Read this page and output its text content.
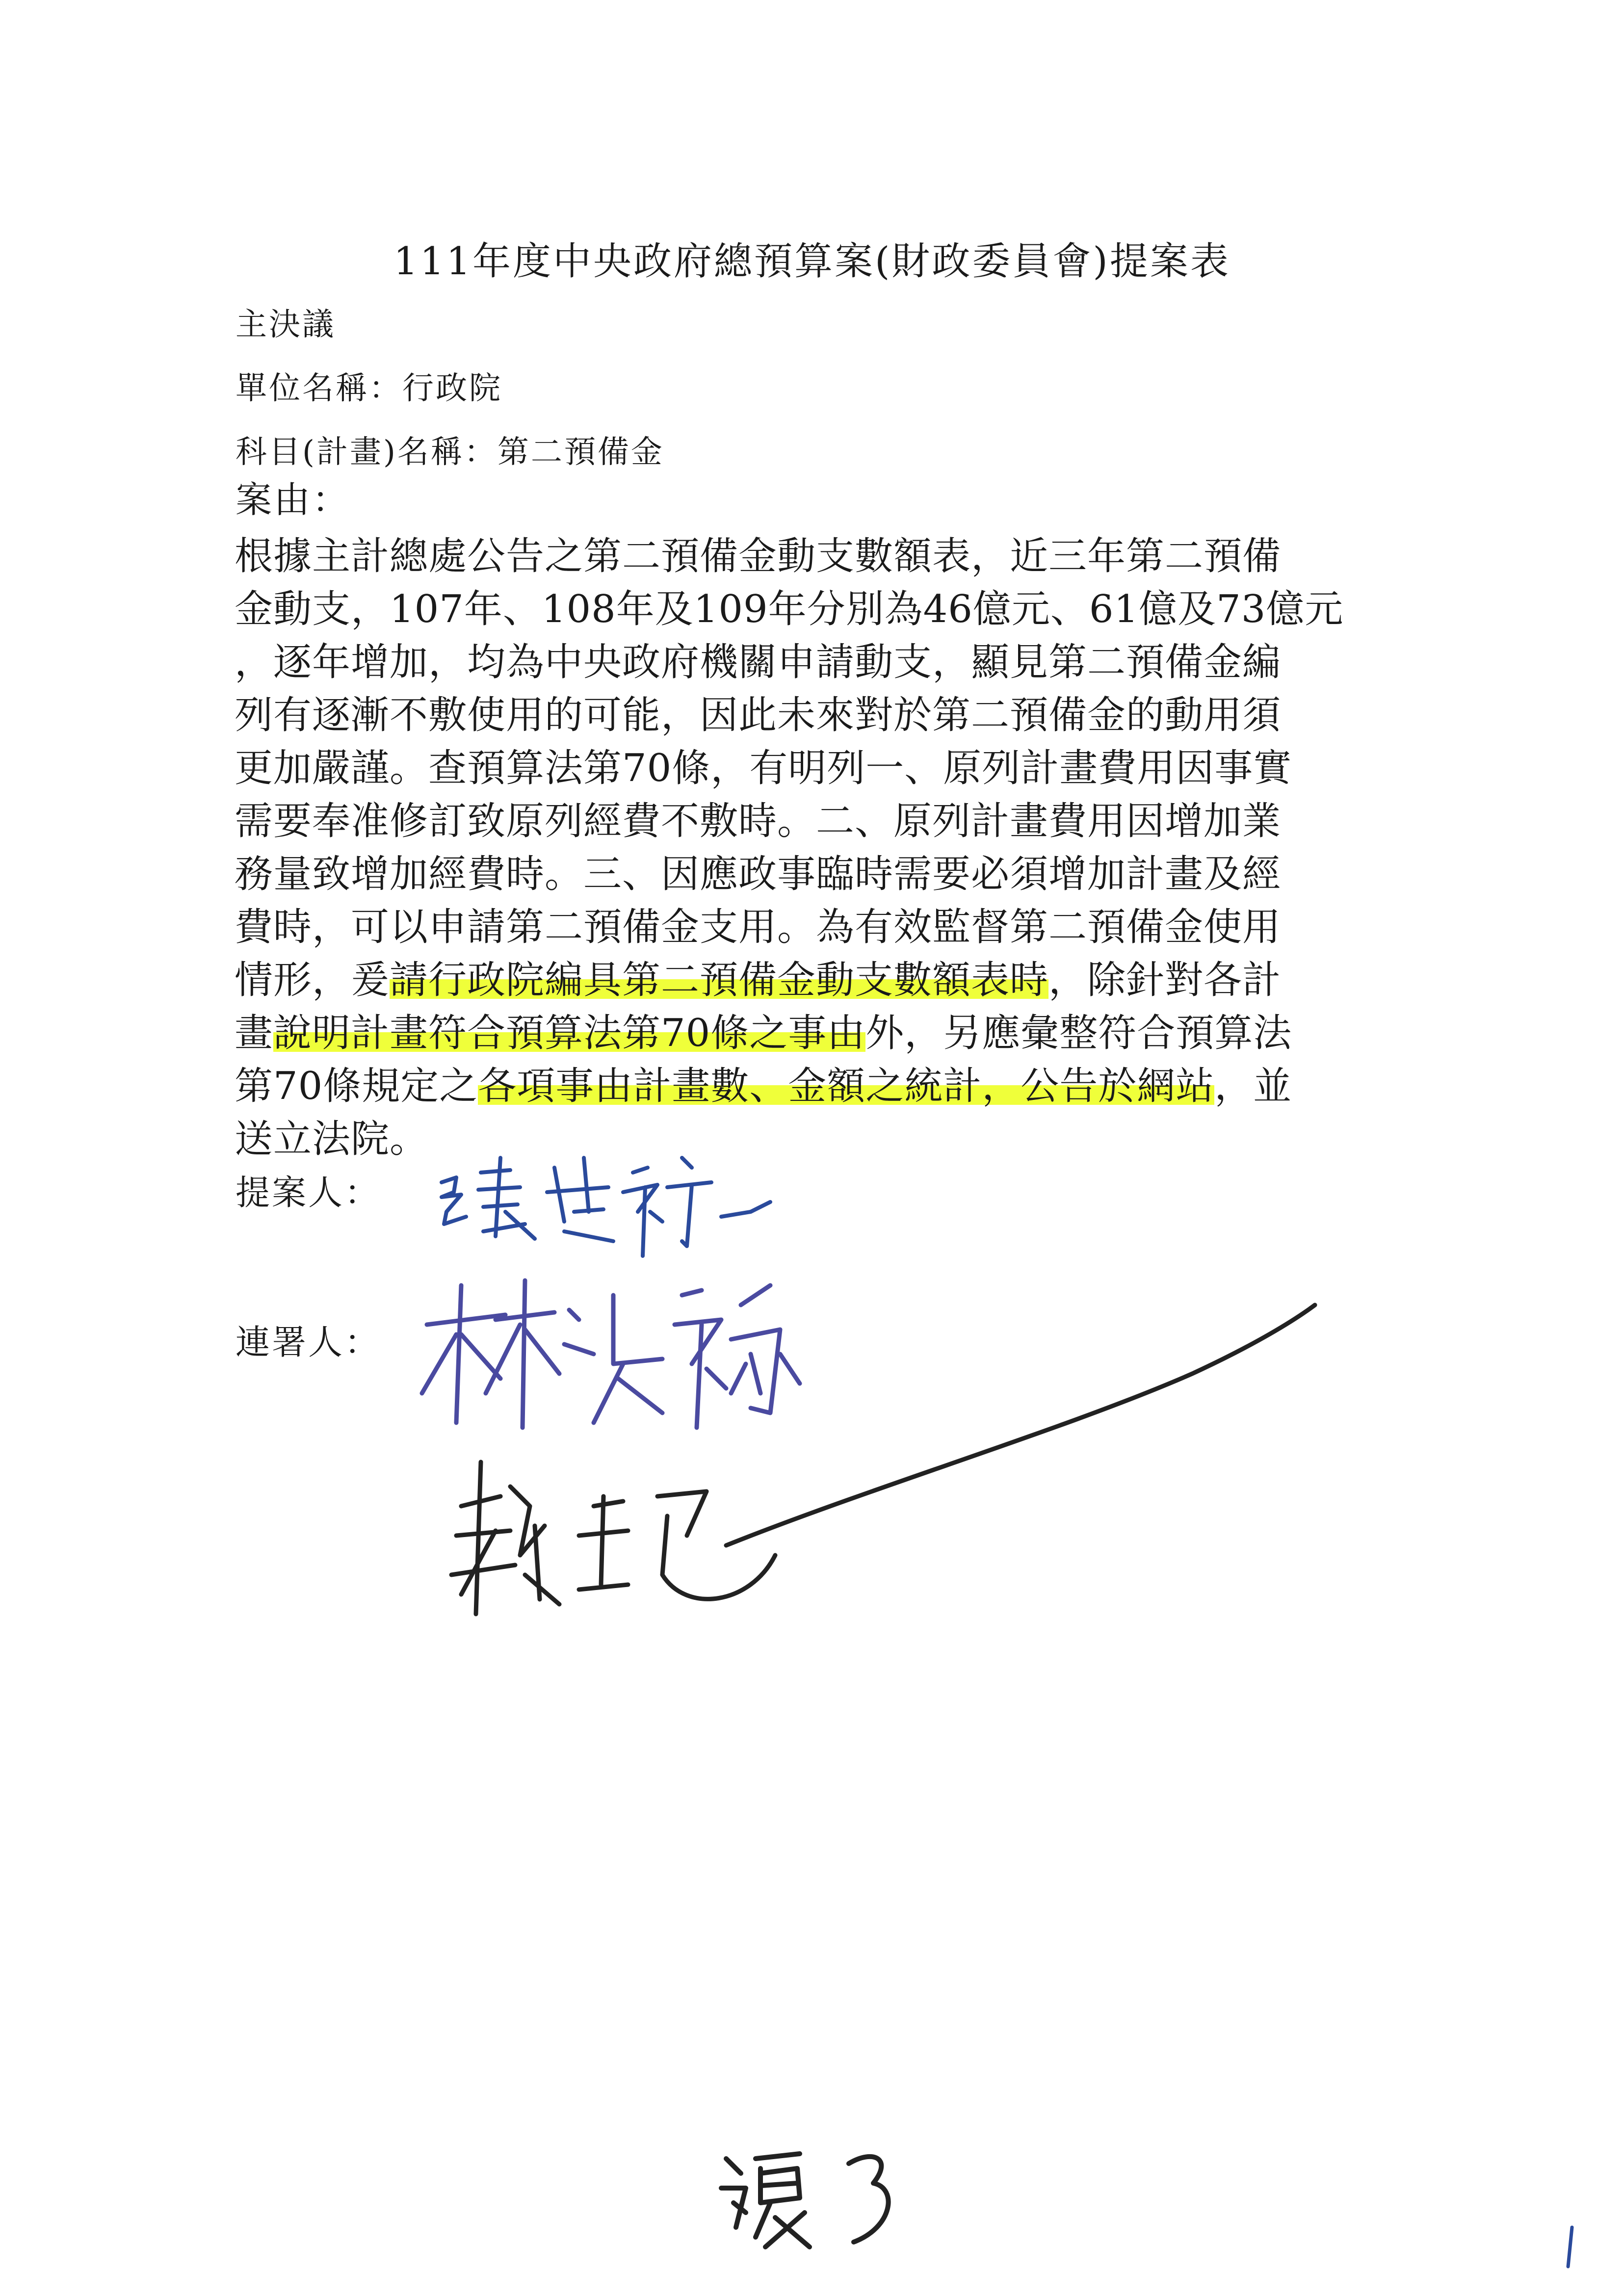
111年度中央政府總預算案(財政委員會)提案表
主決議
單位名稱：行政院
科目(計畫)名稱：第二預備金
案由：
根據主計總處公告之第二預備金動支數額表，近三年第二預備
金動支，107年、108年及109年分別為46億元、61億及73億元
，逐年增加，均為中央政府機關申請動支，顯見第二預備金編
列有逐漸不敷使用的可能，因此未來對於第二預備金的動用須
更加嚴謹。查預算法第70條，有明列一、原列計畫費用因事實
需要奉准修訂致原列經費不敷時。二、原列計畫費用因增加業
務量致增加經費時。三、因應政事臨時需要必須增加計畫及經
費時，可以申請第二預備金支用。為有效監督第二預備金使用
情形，爰請行政院編具第二預備金動支數額表時，除針對各計
畫說明計畫符合預算法第70條之事由外，另應彙整符合預算法
第70條規定之各項事由計畫數、金額之統計，公告於網站，並
送立法院。
提案人：
連署人：
